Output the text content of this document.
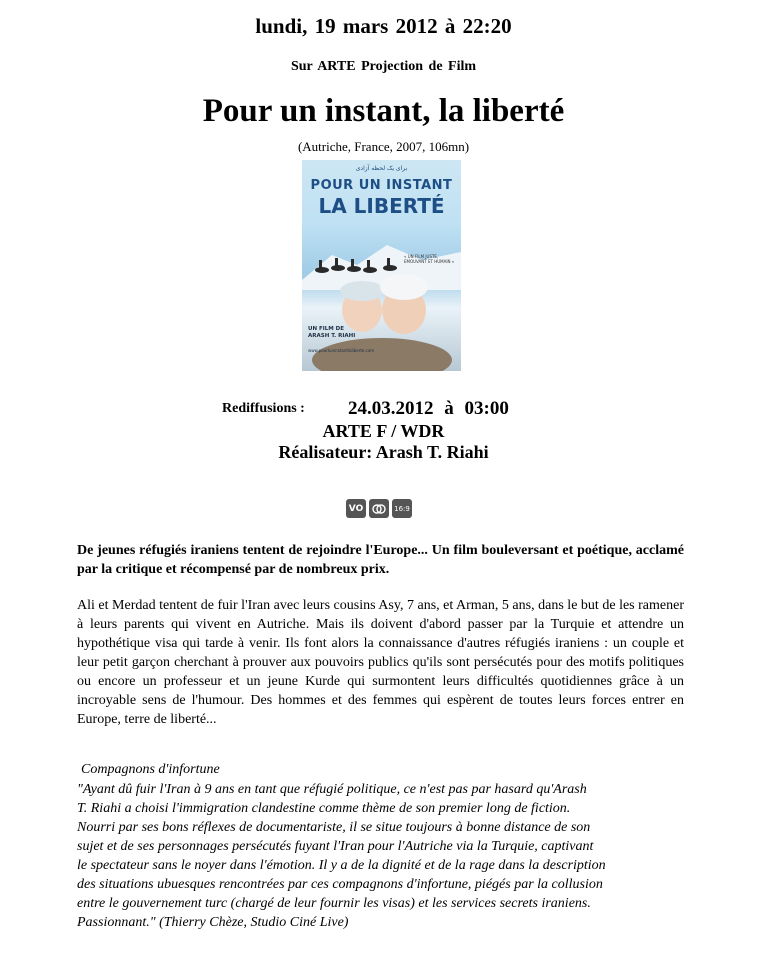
lundi, 19 mars 2012 à 22:20
Sur ARTE Projection de Film
Pour un instant, la liberté
(Autriche, France, 2007, 106mn)
برای یک لحظه آزادی
POUR UN INSTANT
LA LIBERTÉ
« UN FILM JUSTE, EMOUVANT ET HUMAIN »
UN FILM DE
ARASH T. RIAHI
www.pourluninstantlaliberte.com
Rediffusions : 24.03.2012 à 03:00
ARTE F / WDR
Réalisateur: Arash T. Riahi
VO	16:9
De jeunes réfugiés iraniens tentent de rejoindre l'Europe... Un film bouleversant et poétique, acclamé par la critique et récompensé par de nombreux prix.
Ali et Merdad tentent de fuir l'Iran avec leurs cousins Asy, 7 ans, et Arman, 5 ans, dans le but de les ramener à leurs parents qui vivent en Autriche. Mais ils doivent d'abord passer par la Turquie et attendre un hypothétique visa qui tarde à venir. Ils font alors la connaissance d'autres réfugiés iraniens : un couple et leur petit garçon cherchant à prouver aux pouvoirs publics qu'ils sont persécutés pour des motifs politiques ou encore un professeur et un jeune Kurde qui surmontent leurs difficultés quotidiennes grâce à un incroyable sens de l'humour. Des hommes et des femmes qui espèrent de toutes leurs forces entrer en Europe, terre de liberté...
Compagnons d'infortune
"Ayant dû fuir l'Iran à 9 ans en tant que réfugié politique, ce n'est pas par hasard qu'Arash
T. Riahi a choisi l'immigration clandestine comme thème de son premier long de fiction.
Nourri par ses bons réflexes de documentariste, il se situe toujours à bonne distance de son
sujet et de ses personnages persécutés fuyant l'Iran pour l'Autriche via la Turquie, captivant
le spectateur sans le noyer dans l'émotion. Il y a de la dignité et de la rage dans la description
des situations ubuesques rencontrées par ces compagnons d'infortune, piégés par la collusion
entre le gouvernement turc (chargé de leur fournir les visas) et les services secrets iraniens.
Passionnant." (Thierry Chèze, Studio Ciné Live)
